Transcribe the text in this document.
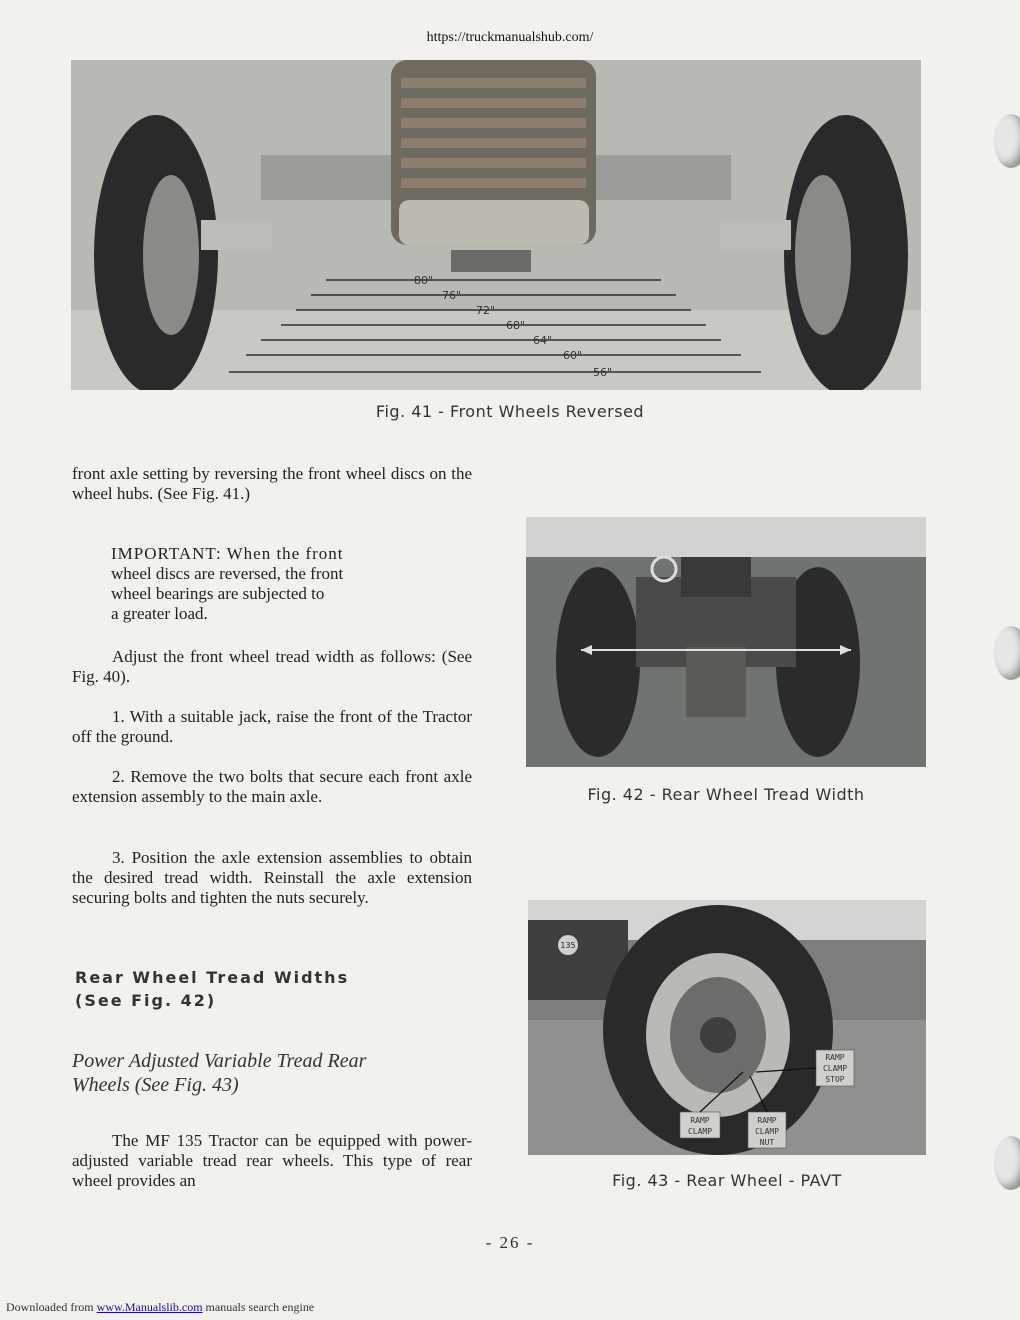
https://truckmanualshub.com/
80"
76"
72"
68"
64"
60"
56"
Fig. 41 - Front Wheels Reversed

front axle setting by reversing the front wheel discs on the wheel hubs. (See Fig. 41.)

IMPORTANT: When the front
wheel discs are reversed, the front
wheel bearings are subjected to
a greater load.

Adjust the front wheel tread width as follows: (See Fig. 40).

1. With a suitable jack, raise the front of the Tractor off the ground.

2. Remove the two bolts that secure each front axle extension assembly to the main axle.

3. Position the axle extension assemblies to obtain the desired tread width. Reinstall the axle extension securing bolts and tighten the nuts securely.

Rear Wheel Tread Widths
(See Fig. 42)
Power Adjusted Variable Tread Rear
Wheels (See Fig. 43)

The MF 135 Tractor can be equipped with power-adjusted variable tread rear wheels. This type of rear wheel provides an

Fig. 42 - Rear Wheel Tread Width
135
RAMP
CLAMP
STOP
RAMP
CLAMP
RAMP
CLAMP
NUT
Fig. 43 - Rear Wheel - PAVT
- 26 -
Downloaded from www.Manualslib.com manuals search engine
